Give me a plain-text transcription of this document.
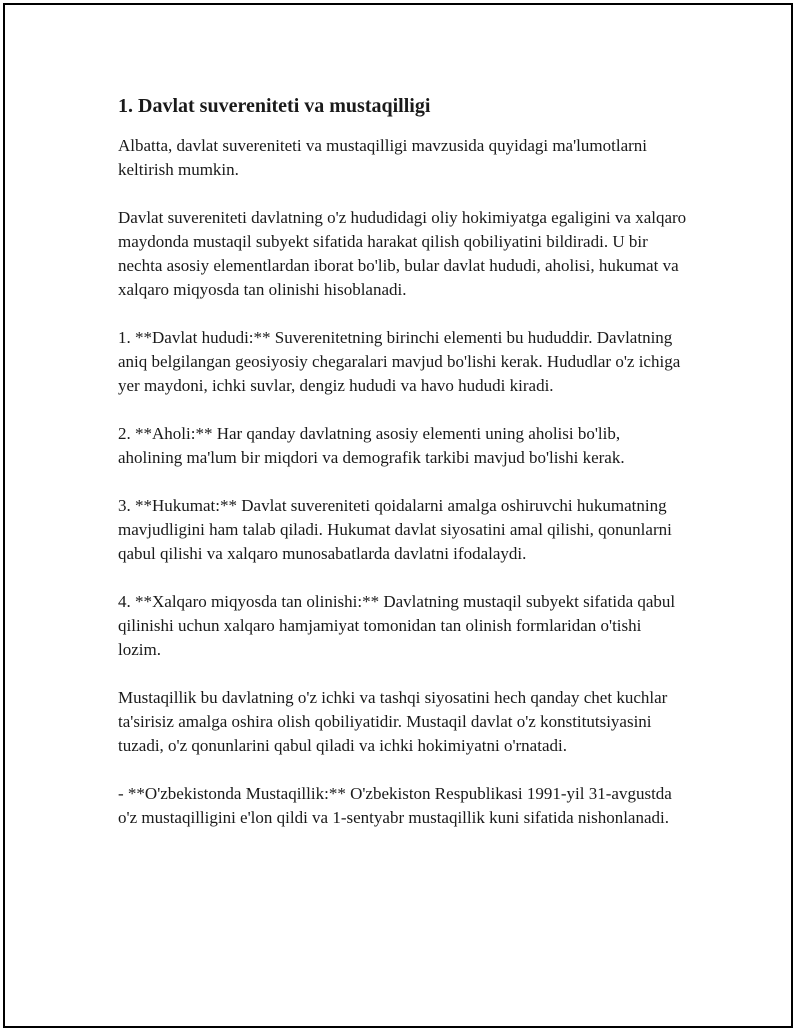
1. Davlat suvereniteti va mustaqilligi

Albatta, davlat suvereniteti va mustaqilligi mavzusida quyidagi ma'lumotlarni keltirish mumkin.

Davlat suvereniteti davlatning o'z hududidagi oliy hokimiyatga egaligini va xalqaro maydonda mustaqil subyekt sifatida harakat qilish qobiliyatini bildiradi. U bir nechta asosiy elementlardan iborat bo'lib, bular davlat hududi, aholisi, hukumat va xalqaro miqyosda tan olinishi hisoblanadi.

1. **Davlat hududi:** Suverenitetning birinchi elementi bu hududdir. Davlatning aniq belgilangan geosiyosiy chegaralari mavjud bo'lishi kerak. Hududlar o'z ichiga yer maydoni, ichki suvlar, dengiz hududi va havo hududi kiradi.

2. **Aholi:** Har qanday davlatning asosiy elementi uning aholisi bo'lib, aholining ma'lum bir miqdori va demografik tarkibi mavjud bo'lishi kerak.

3. **Hukumat:** Davlat suvereniteti qoidalarni amalga oshiruvchi hukumatning mavjudligini ham talab qiladi. Hukumat davlat siyosatini amal qilishi, qonunlarni qabul qilishi va xalqaro munosabatlarda davlatni ifodalaydi.

4. **Xalqaro miqyosda tan olinishi:** Davlatning mustaqil subyekt sifatida qabul qilinishi uchun xalqaro hamjamiyat tomonidan tan olinish formlaridan o'tishi lozim.

Mustaqillik bu davlatning o'z ichki va tashqi siyosatini hech qanday chet kuchlar ta'sirisiz amalga oshira olish qobiliyatidir. Mustaqil davlat o'z konstitutsiyasini tuzadi, o'z qonunlarini qabul qiladi va ichki hokimiyatni o'rnatadi.

- **O'zbekistonda Mustaqillik:** O'zbekiston Respublikasi 1991-yil 31-avgustda o'z mustaqilligini e'lon qildi va 1-sentyabr mustaqillik kuni sifatida nishonlanadi.
